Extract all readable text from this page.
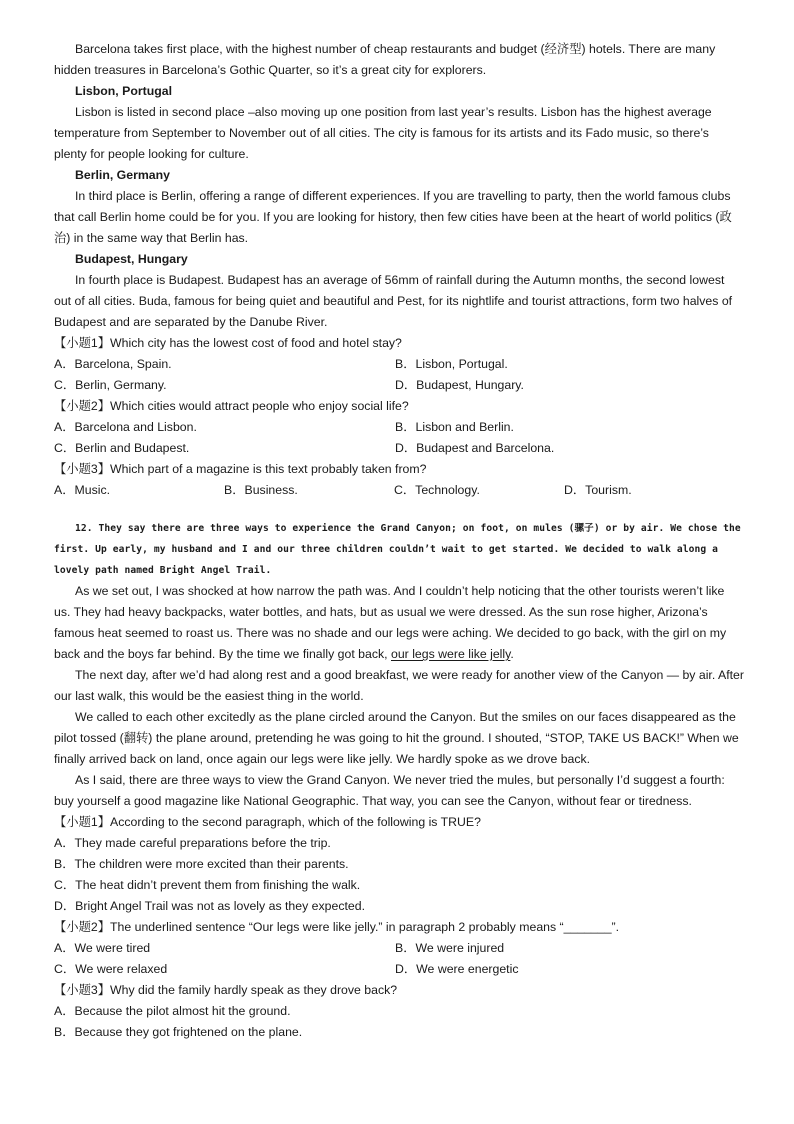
Barcelona takes first place, with the highest number of cheap restaurants and budget (经济型) hotels. There are many hidden treasures in Barcelona’s Gothic Quarter, so it’s a great city for explorers.

Lisbon, Portugal

Lisbon is listed in second place –also moving up one position from last year’s results. Lisbon has the highest average temperature from September to November out of all cities. The city is famous for its artists and its Fado music, so there’s plenty for people looking for culture.

Berlin, Germany

In third place is Berlin, offering a range of different experiences. If you are travelling to party, then the world famous clubs that call Berlin home could be for you. If you are looking for history, then few cities have been at the heart of world politics (政治) in the same way that Berlin has.

Budapest, Hungary

In fourth place is Budapest. Budapest has an average of 56mm of rainfall during the Autumn months, the second lowest out of all cities. Buda, famous for being quiet and beautiful and Pest, for its nightlife and tourist attractions, form two halves of Budapest and are separated by the Danube River.

【小题1】Which city has the lowest cost of food and hotel stay?

A．Barcelona, Spain.	B．Lisbon, Portugal.
C．Berlin, Germany.	D．Budapest, Hungary.

【小题2】Which cities would attract people who enjoy social life?

A．Barcelona and Lisbon.	B．Lisbon and Berlin.
C．Berlin and Budapest.	D．Budapest and Barcelona.

【小题3】Which part of a magazine is this text probably taken from?

A．Music.	B．Business.	C．Technology.	D．Tourism.

12. They say there are three ways to experience the Grand Canyon; on foot, on mules (骡子) or by air. We chose the first. Up early, my husband and I and our three children couldn’t wait to get started. We decided to walk along a lovely path named Bright Angel Trail.

As we set out, I was shocked at how narrow the path was. And I couldn’t help noticing that the other tourists weren’t like us. They had heavy backpacks, water bottles, and hats, but as usual we were dressed. As the sun rose higher, Arizona’s famous heat seemed to roast us. There was no shade and our legs were aching. We decided to go back, with the girl on my back and the boys far behind. By the time we finally got back, our legs were like jelly.

The next day, after we’d had along rest and a good breakfast, we were ready for another view of the Canyon — by air. After our last walk, this would be the easiest thing in the world.

We called to each other excitedly as the plane circled around the Canyon. But the smiles on our faces disappeared as the pilot tossed (翻转) the plane around, pretending he was going to hit the ground. I shouted, “STOP, TAKE US BACK!” When we finally arrived back on land, once again our legs were like jelly. We hardly spoke as we drove back.

As I said, there are three ways to view the Grand Canyon. We never tried the mules, but personally I’d suggest a fourth: buy yourself a good magazine like National Geographic. That way, you can see the Canyon, without fear or tiredness.

【小题1】According to the second paragraph, which of the following is TRUE?

A．They made careful preparations before the trip.

B．The children were more excited than their parents.

C．The heat didn’t prevent them from finishing the walk.

D．Bright Angel Trail was not as lovely as they expected.

【小题2】The underlined sentence “Our legs were like jelly.” in paragraph 2 probably means “_______”.

A．We were tired	B．We were injured
C．We were relaxed	D．We were energetic

【小题3】Why did the family hardly speak as they drove back?

A．Because the pilot almost hit the ground.

B．Because they got frightened on the plane.
